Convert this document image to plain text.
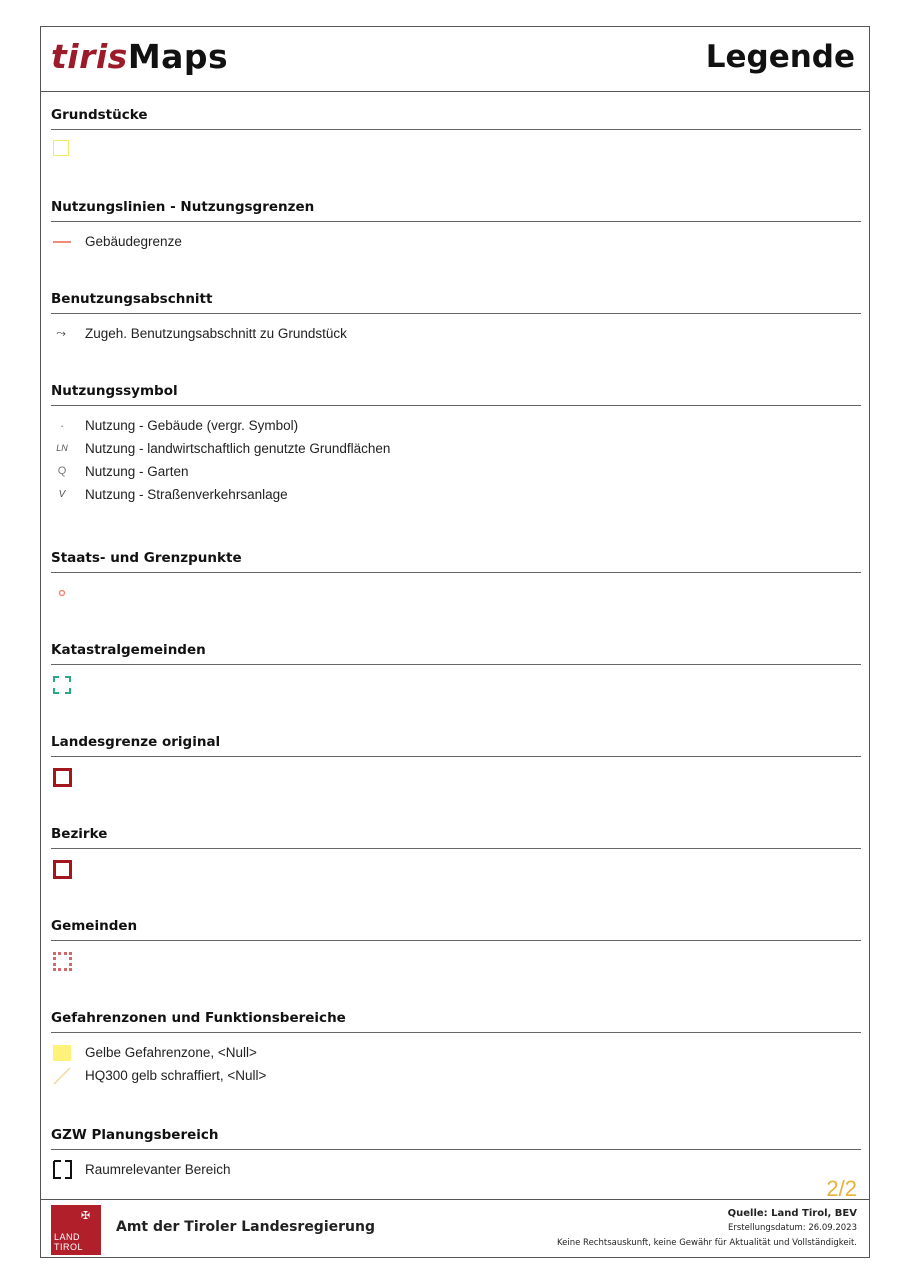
tirisMaps	Legende
Grundstücke
Nutzungslinien - Nutzungsgrenzen
Gebäudegrenze
Benutzungsabschnitt
⤳	Zugeh. Benutzungsabschnitt zu Grundstück
Nutzungssymbol
·	Nutzung - Gebäude (vergr. Symbol)
LN	Nutzung - landwirtschaftlich genutzte Grundflächen
Q	Nutzung - Garten
V	Nutzung - Straßenverkehrsanlage
Staats- und Grenzpunkte
Katastralgemeinden
Landesgrenze original
Bezirke
Gemeinden
Gefahrenzonen und Funktionsbereiche
Gelbe Gefahrenzone, <Null>
HQ300 gelb schraffiert, <Null>
GZW Planungsbereich
Raumrelevanter Bereich
2/2
✠
LAND
TIROL
Amt der Tiroler Landesregierung
Quelle: Land Tirol, BEV
Erstellungsdatum: 26.09.2023
Keine Rechtsauskunft, keine Gewähr für Aktualität und Vollständigkeit.
